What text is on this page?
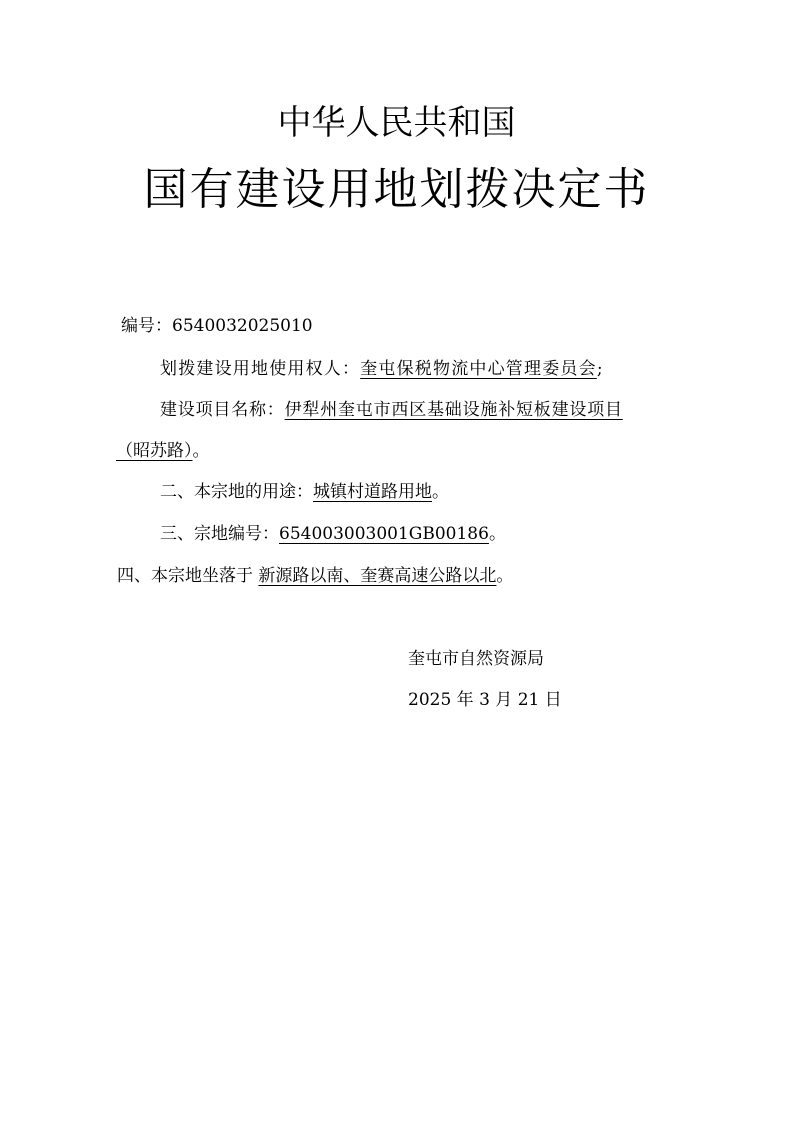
中华人民共和国
国有建设用地划拨决定书
编号：6540032025010
划拨建设用地使用权人：奎屯保税物流中心管理委员会;
建设项目名称：伊犁州奎屯市西区基础设施补短板建设项目
（昭苏路）。
二、本宗地的用途：城镇村道路用地。
三、宗地编号：654003003001GB00186。
四、本宗地坐落于 新源路以南、奎赛高速公路以北。
奎屯市自然资源局
2025 年 3 月 21 日
